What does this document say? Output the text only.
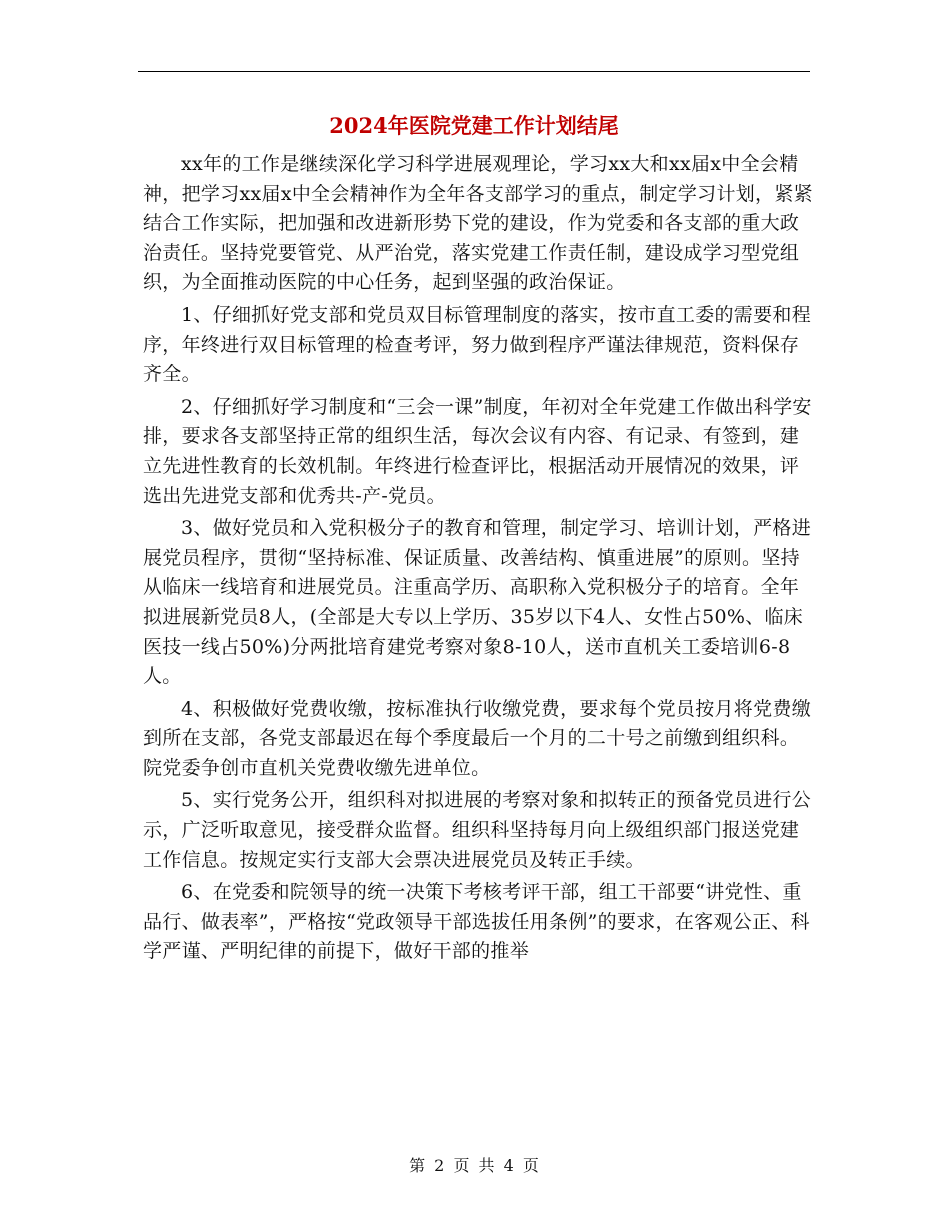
2024年医院党建工作计划结尾

xx年的工作是继续深化学习科学进展观理论，学习xx大和xx届x中全会精神，把学习xx届x中全会精神作为全年各支部学习的重点，制定学习计划，紧紧结合工作实际，把加强和改进新形势下党的建设，作为党委和各支部的重大政治责任。坚持党要管党、从严治党，落实党建工作责任制，建设成学习型党组织，为全面推动医院的中心任务，起到坚强的政治保证。

1、仔细抓好党支部和党员双目标管理制度的落实，按市直工委的需要和程序，年终进行双目标管理的检查考评，努力做到程序严谨法律规范，资料保存齐全。

2、仔细抓好学习制度和“三会一课”制度，年初对全年党建工作做出科学安排，要求各支部坚持正常的组织生活，每次会议有内容、有记录、有签到，建立先进性教育的长效机制。年终进行检查评比，根据活动开展情况的效果，评选出先进党支部和优秀共-产-党员。

3、做好党员和入党积极分子的教育和管理，制定学习、培训计划，严格进展党员程序，贯彻“坚持标准、保证质量、改善结构、慎重进展”的原则。坚持从临床一线培育和进展党员。注重高学历、高职称入党积极分子的培育。全年拟进展新党员8人，(全部是大专以上学历、35岁以下4人、女性占50%、临床医技一线占50%)分两批培育建党考察对象8-10人，送市直机关工委培训6-8人。

4、积极做好党费收缴，按标准执行收缴党费，要求每个党员按月将党费缴到所在支部，各党支部最迟在每个季度最后一个月的二十号之前缴到组织科。院党委争创市直机关党费收缴先进单位。

5、实行党务公开，组织科对拟进展的考察对象和拟转正的预备党员进行公示，广泛听取意见，接受群众监督。组织科坚持每月向上级组织部门报送党建工作信息。按规定实行支部大会票决进展党员及转正手续。

6、在党委和院领导的统一决策下考核考评干部，组工干部要“讲党性、重品行、做表率”，严格按“党政领导干部选拔任用条例”的要求，在客观公正、科学严谨、严明纪律的前提下，做好干部的推举

第 2 页 共 4 页
